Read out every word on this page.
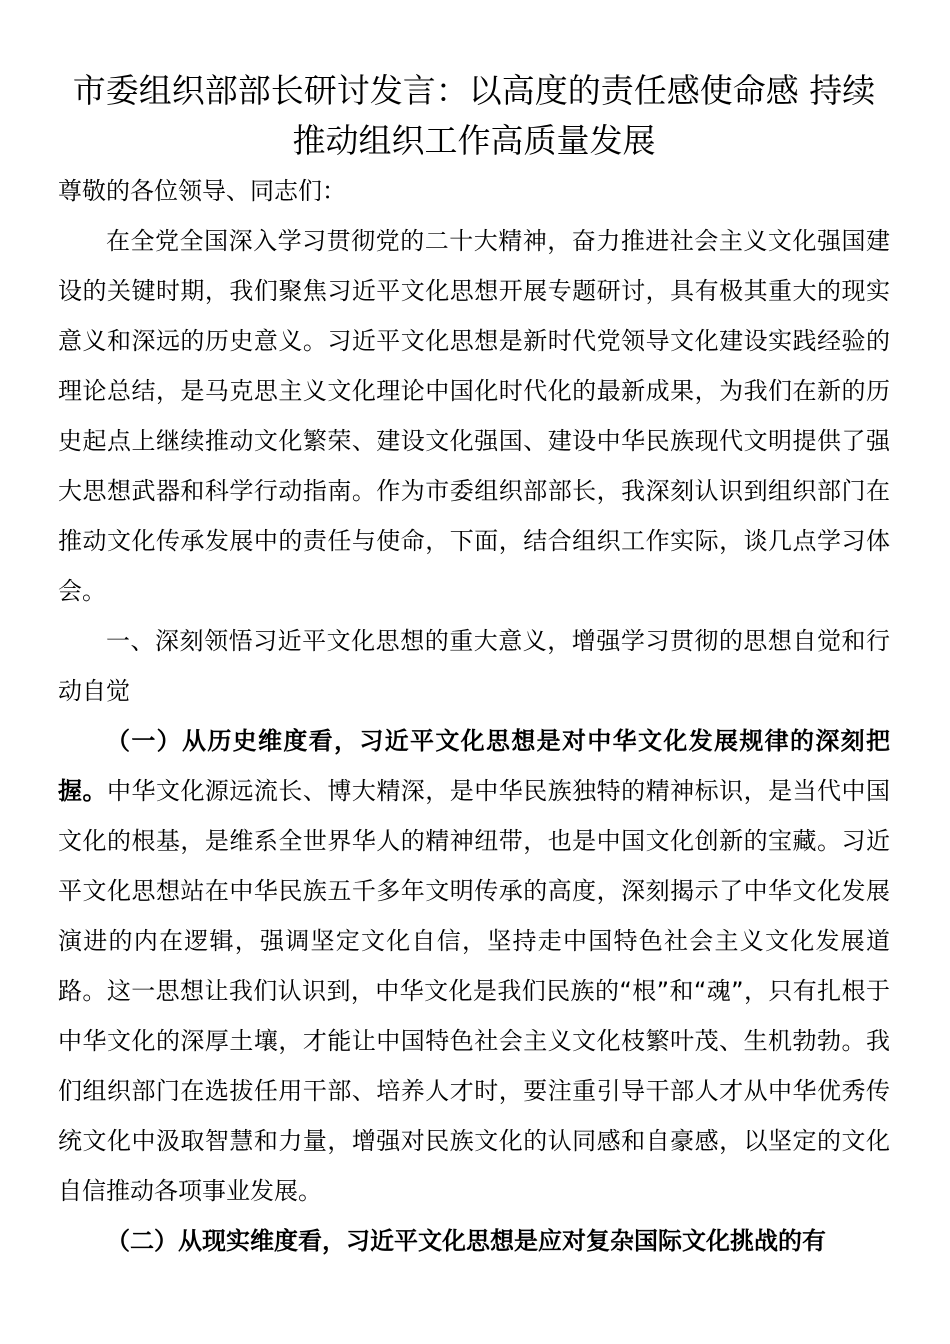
市委组织部部长研讨发言：以高度的责任感使命感 持续推动组织工作高质量发展

尊敬的各位领导、同志们：

在全党全国深入学习贯彻党的二十大精神，奋力推进社会主义文化强国建设的关键时期，我们聚焦习近平文化思想开展专题研讨，具有极其重大的现实意义和深远的历史意义。习近平文化思想是新时代党领导文化建设实践经验的理论总结，是马克思主义文化理论中国化时代化的最新成果，为我们在新的历史起点上继续推动文化繁荣、建设文化强国、建设中华民族现代文明提供了强大思想武器和科学行动指南。作为市委组织部部长，我深刻认识到组织部门在推动文化传承发展中的责任与使命，下面，结合组织工作实际，谈几点学习体会。

一、深刻领悟习近平文化思想的重大意义，增强学习贯彻的思想自觉和行动自觉

（一）从历史维度看，习近平文化思想是对中华文化发展规律的深刻把握。中华文化源远流长、博大精深，是中华民族独特的精神标识，是当代中国文化的根基，是维系全世界华人的精神纽带，也是中国文化创新的宝藏。习近平文化思想站在中华民族五千多年文明传承的高度，深刻揭示了中华文化发展演进的内在逻辑，强调坚定文化自信，坚持走中国特色社会主义文化发展道路。这一思想让我们认识到，中华文化是我们民族的“根”和“魂”，只有扎根于中华文化的深厚土壤，才能让中国特色社会主义文化枝繁叶茂、生机勃勃。我们组织部门在选拔任用干部、培养人才时，要注重引导干部人才从中华优秀传统文化中汲取智慧和力量，增强对民族文化的认同感和自豪感，以坚定的文化自信推动各项事业发展。

（二）从现实维度看，习近平文化思想是应对复杂国际文化挑战的有
